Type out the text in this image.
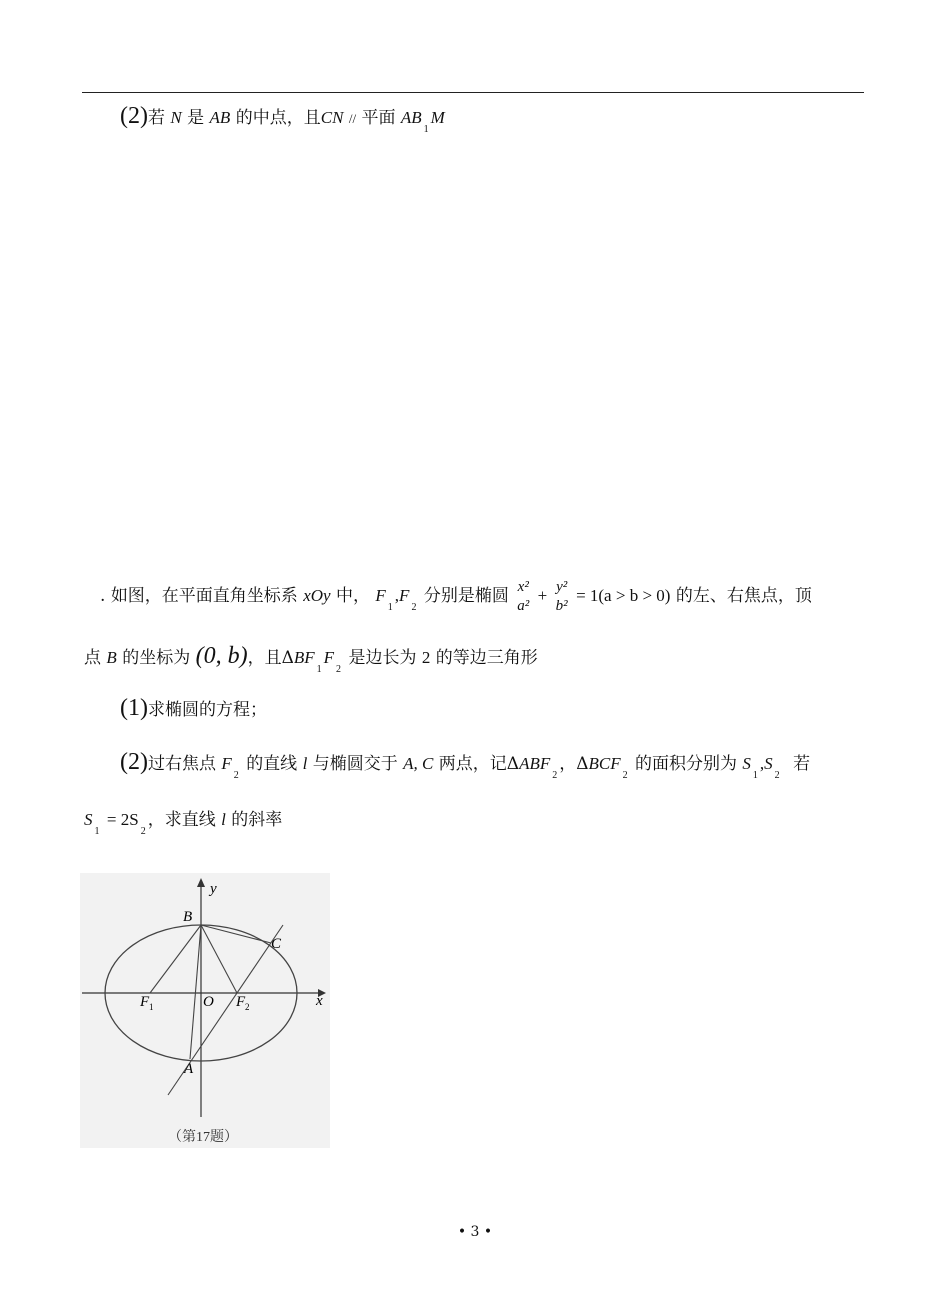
(2)若 N 是 AB 的中点，且CN // 平面 $AB_1M$
. 如图，在平面直角坐标系 xOy 中， $F_1,F_2$ 分别是椭圆 x²
a²
+ y²
b²
= 1(a > b > 0) 的左、右焦点，顶
点 B 的坐标为 (0, b)，且$\Delta BF_1F_2$ 是边长为 2 的等边三角形
(1)求椭圆的方程；
(2)过右焦点 $F_2$ 的直线 l 与椭圆交于 A, C 两点，记$\Delta ABF_2$，$\Delta BCF_2$ 的面积分别为 $S_1,S_2$ 若
$S_1 = 2S_2$，求直线 l 的斜率
y
x
B
C
F 1	O F 2
A
（第17题）
• 3 •
